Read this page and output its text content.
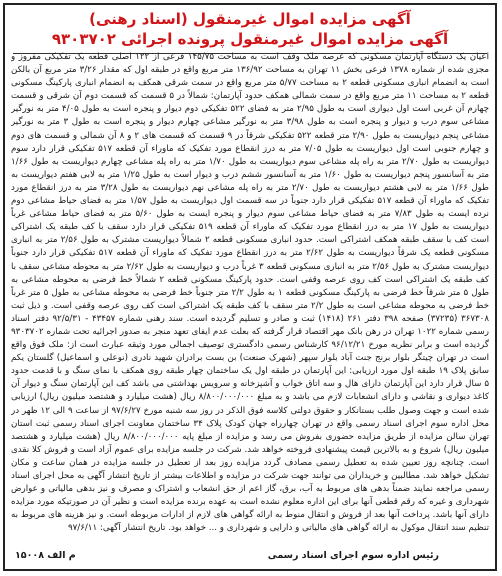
آگهی مزایده اموال غیرمنقول (اسناد رهنی)
آگهی مزایده اموال غیرمنقول پرونده اجرائی ۹۳۰۳۷۰۲

اعیان یک دستگاه آپارتمان مسکونی که عرصه ملک وقف است به مساحت ۱۴۵/۷۵ فرعی از ۱۲۲ اصلی قطعه یک تفکیکی مفروز و مجزی شده از شماره ۱۳۷۸ فرعی بخش ۱۱ تهران به مساحت ۱۳۶/۹۲ متر مربع واقع در طبقه اول که مقدار ۳/۲۶ متر مربع آن بالکن است به انضمام انباری مسکونی قطعه ۲ به مساحت ۵/۷۷ متر مربع واقع در سمت شرقی همکف به انضمام انباری پارکینگ مسکونی قطعه ۲ به مساحت ۱۱ متر مربع واقع در سمت شمالی همکف حدود آپارتمان: شمالاً در ۵ قسمت که قسمت دوم آن شرقی و قسمت چهارم آن غربی است اول دیواری است به طول ۲/۹۵ متر به فضای ۵۲۲ تفکیکی دوم دیوار و پنجره است به طول ۴/۰۵ متر به نورگیر مشاعی سوم درب و دیوار و پنجره است به طول ۳/۹۸ متر به نورگیر مشاعی چهارم دیوار و پنجره است به طول ۳ متر به نورگیر مشاعی پنجم دیواریست به طول ۲/۹۰ متر قطعه ۵۲۲ تفکیکی شرقاً در ۹ قسمت که قسمت های ۲ و ۸ آن شمالی و قسمت های دوم و چهارم جنوبی است اول دیواریست به طول ۷/۰۵ متر به درز انقطاع مورد تفکیک که ماوراء آن قطعه ۵۱۷ تفکیکی قرار دارد سوم دیواریست به طول ۲/۷۰ متر به راه پله مشاعی سوم دیواریست به طول ۱/۷۰ متر به راه پله مشاعی چهارم دیواریست به طول ۱/۶۶ متر به آسانسور پنجم دیواریست به طول ۱/۶۰ متر به آسانسور ششم درب و دیوار است به طول ۱/۲۵ متر به لابی هفتم دیواریست به طول ۱/۶۶ متر به لابی هشتم دیواریست به طول ۲/۷۰ متر به راه پله مشاعی نهم دیواریست به طول ۳/۲۸ متر به درز انقطاع مورد تفکیک که ماوراء آن قطعه ۵۱۷ تفکیکی قرار دارد جنوباً در سه قسمت اول دیواریست به طول ۱/۵۷ متر به فضای حیاط مشاعی دوم نرده ایست به طول ۷/۸۳ متر به فضای حیاط مشاعی سوم دیوار و پنجره ایست به طول ۵/۶۰ متر به فضای حیاط مشاعی غرباً دیواریست به طول ۱۷ متر به درز انقطاع مورد تفکیک که ماوراء آن قطعه ۵۱۹ تفکیکی قرار دارد سقف با کف طبقه یک اشتراکی است کف با سقف طبقه همکف اشتراکی است. حدود انباری مسکونی قطعه ۲ شمالاً دیواریست مشترک به طول ۲/۵۶ متر به انباری مسکونی قطعه یک شرقاً دیواریست به طول ۲/۶۲ متر به درز انقطاع مورد تفکیک که ماوراء آن قطعه ۵۱۷ تفکیکی قرار دارد جنوباً دیواریست مشترک به طول ۲/۵۶ متر به انباری مسکونی قطعه ۳ غرباً درب و دیواریست به طول ۲/۶۲ متر به محوطه مشاعی سقف با کف طبقه یک اشتراکی است کف روی عرصه وقفی است. حدود پارکینگ مسکونی قطعه ۲ شمالاً خط فرضی به محوطه مشاعی به طول ۵ متر شرقاً خط فرضی به پارکینگ مسکونی قطعه ۱ به طول ۲/۲ متر جنوباً خط فرضی به محوطه مشاعی به طول ۵ متر غرباً خط فرضی به محوطه مشاعی است به طول ۲/۲ متر سقف با کف طبقه یک اشتراکی است کف روی عرصه وقفی است. و ذیل ثبت ۳۶۷۳۰۸ (۳۷۲۳۵) صفحه ۳۹۸ دفتر ۲۶۱ (۱۴۱۸) ثبت و صادر و تسلیم گردیده است. سند رهنی شماره ۴۳۴۵۷ - ۹۲/۵/۳۱ دفتر اسناد رسمی شماره ۱۰۲۲ تهران در رهن بانک مهر اقتصاد قرار گرفته که بعلت عدم ایفای تعهد منجر به صدور اجرائیه تحت شماره ۹۳۰۳۷۰۲ گردیده است و برابر نظریه مورخ ۹۶/۱۲/۲۱ کارشناس رسمی دادگستری توصیف اجمالی مورد وثیقه عبارت است از: ملک فوق واقع است در تهران چیتگر بلوار برنج جنت آباد بلوار سپهر (شهرک صنعت) بن بست برادران شهید نادری (نوعلی و اسماعیل) گلستان یکم سابق پلاک ۱۹ طبقه اول مورد ارزیابی: این آپارتمان در طبقه اول یک ساختمان چهار طبقه روی همکف با نمای سنگ و با قدمت حدود ۵ سال قرار دارد این آپارتمان دارای هال و سه اتاق خواب و آشپزخانه و سرویس بهداشتی می باشد کف این آپارتمان سنگ و دیوار آن کاغذ دیواری و نقاشی و دارای انشعابات لازم می باشد و به مبلغ ۸/۸۰۰/۰۰۰/۰۰۰ ریال (هشت میلیارد و هشتصد میلیون ریال) ارزیابی شده است و جهت وصول طلب بستانکار و حقوق دولتی کلاسه فوق الذکر در روز سه شنبه مورخ ۹۷/۶/۲۷ از ساعت ۹ الی ۱۲ ظهر در محل اداره سوم اجرای اسناد رسمی واقع در تهران چهارراه جهان کودک پلاک ۳۴ ساختمان معاونت اجرای اسناد رسمی ثبت استان تهران سالن مزایده از طریق مزایده حضوری بفروش می رسد و مزایده از مبلغ پایه ۸/۸۰۰/۰۰۰/۰۰۰ ریال (هشت میلیارد و هشتصد میلیون ریال) شروع و به بالاترین قیمت پیشنهادی فروخته خواهد شد. شرکت در جلسه مزایده برای عموم آزاد است و فروش کلا نقدی است. چنانچه روز تعیین شده به تعطیل رسمی مصادف گردد مزایده روز بعد از تعطیل در جلسه مزایده در همان ساعت و مکان تشکیل خواهد شد. مطالبین و خریداران می توانند جهت شرکت در مزایده و اطلاعات بیشتر از تاریخ انتشار آگهی به محل اجرای اسناد رسمی مراجعه نمایند ضمناً بدهی های مربوط به آب، برق، گاز اعم از حق انشعاب و اشتراک و مصرف و نیز بدهی مالیاتی و عوارض شهرداری و غیره که رقم قطعی آنها برای این اداره معلوم نشده است به عهده برنده مزایده است و نظیر آن در صورتیکه مورد مزایده دارای آنها باشد. پرداخت آنها بعد از فروش و انتقال منوط به ارائه گواهی های لازم از ادارات مربوطه است. و نیز هزینه های مربوط به تنظیم سند انتقال موکول به ارائه گواهی های مالیاتی و دارایی و شهرداری و ... خواهد بود. تاریخ انتشار آگهی: ۹۷/۶/۱۱

رئیس اداره سوم اجرای اسناد رسمی
م الف ۱۵۰۰۸
